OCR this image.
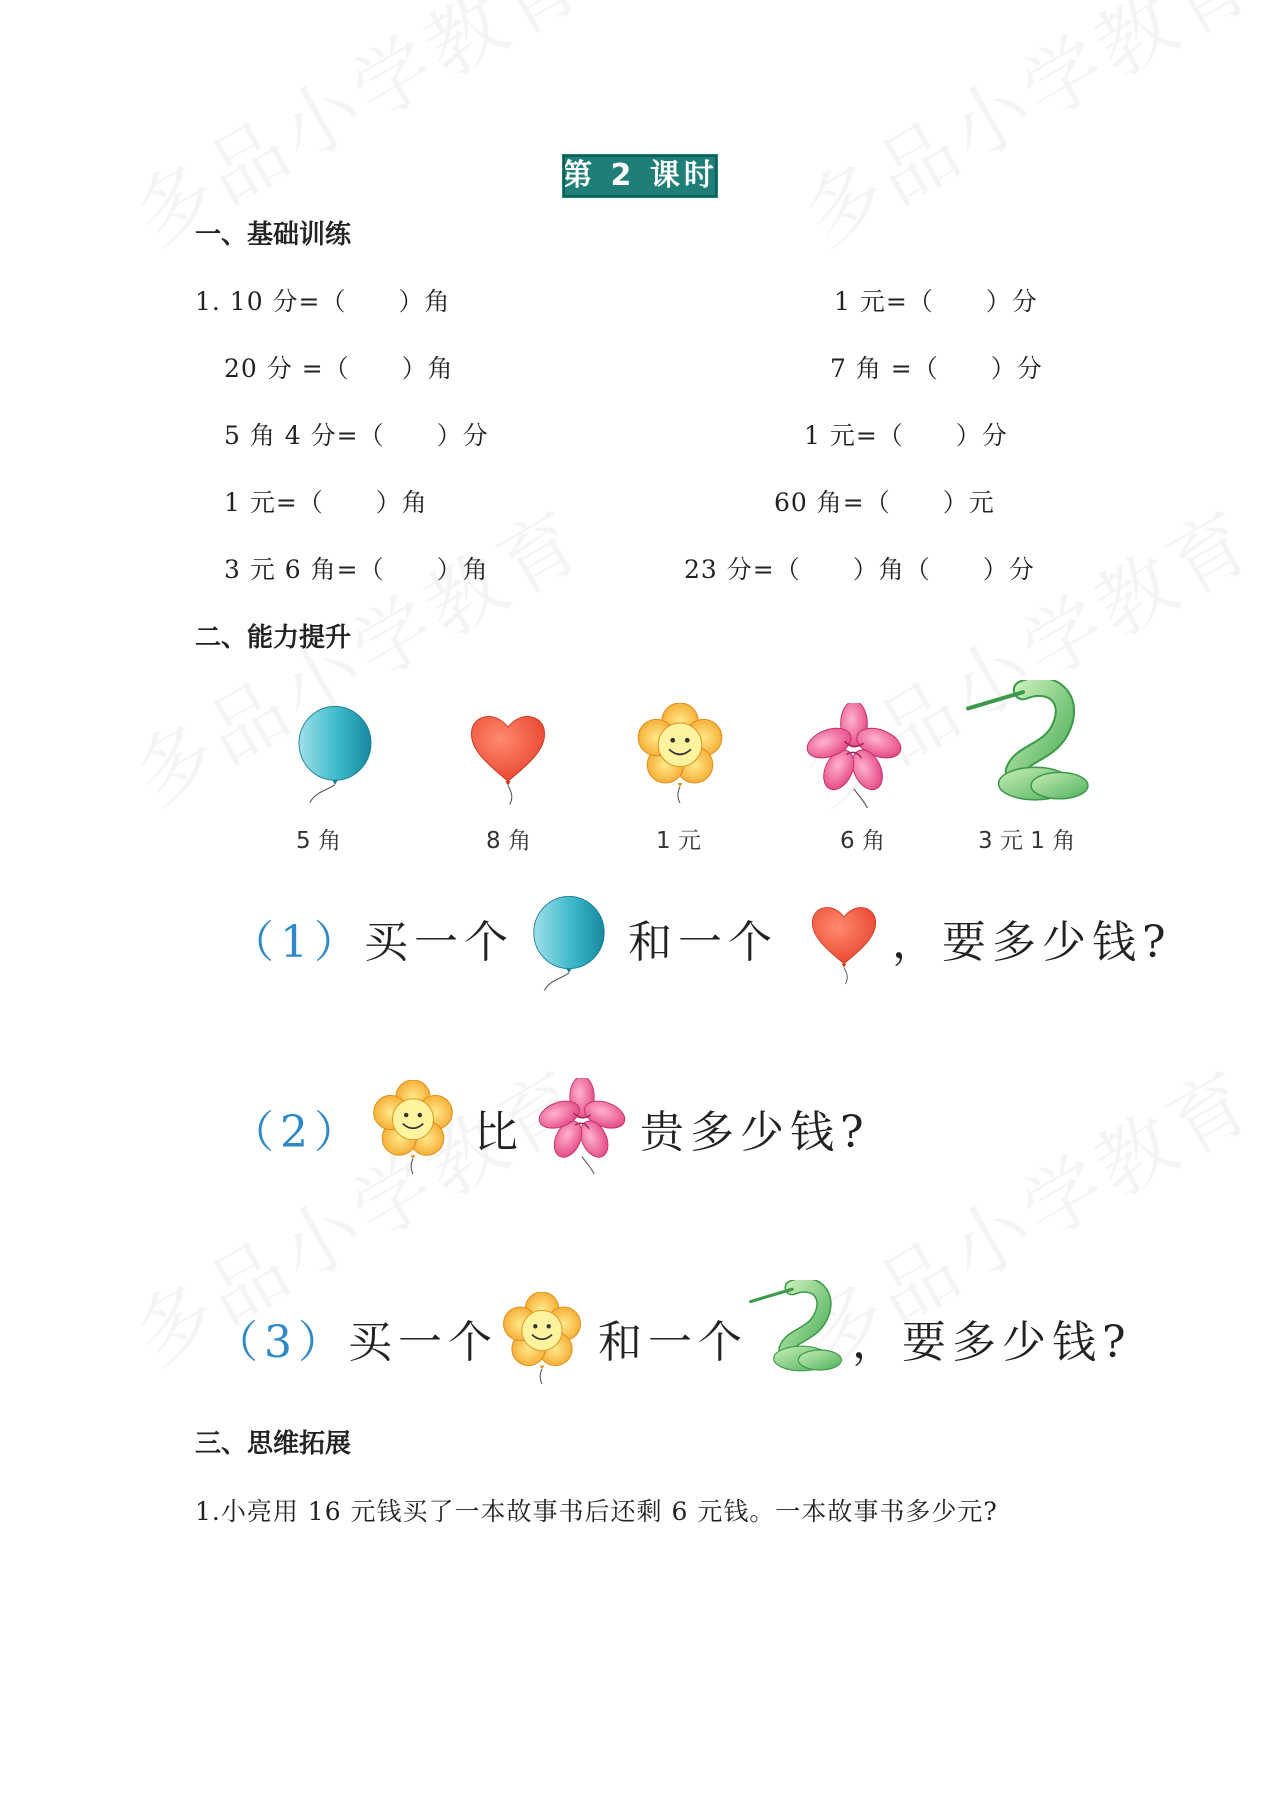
第 2 课时
一、基础训练
1. 10 分=（　　）角	1 元=（　　）分
20 分 =（　　）角	7 角 =（　　）分
5 角 4 分=（　　）分	1 元=（　　）分
1 元=（　　）角	60 角=（　　）元
3 元 6 角=（　　）角	23 分=（　　）角（　　）分
二、能力提升
5 角	8 角	1 元	6 角	3 元 1 角
（1）买一个	和一个	，要多少钱?
（2）	比	贵多少钱?
（3）买一个 和一个 ，要多少钱?
三、思维拓展
1.小亮用 16 元钱买了一本故事书后还剩 6 元钱。一本故事书多少元?
